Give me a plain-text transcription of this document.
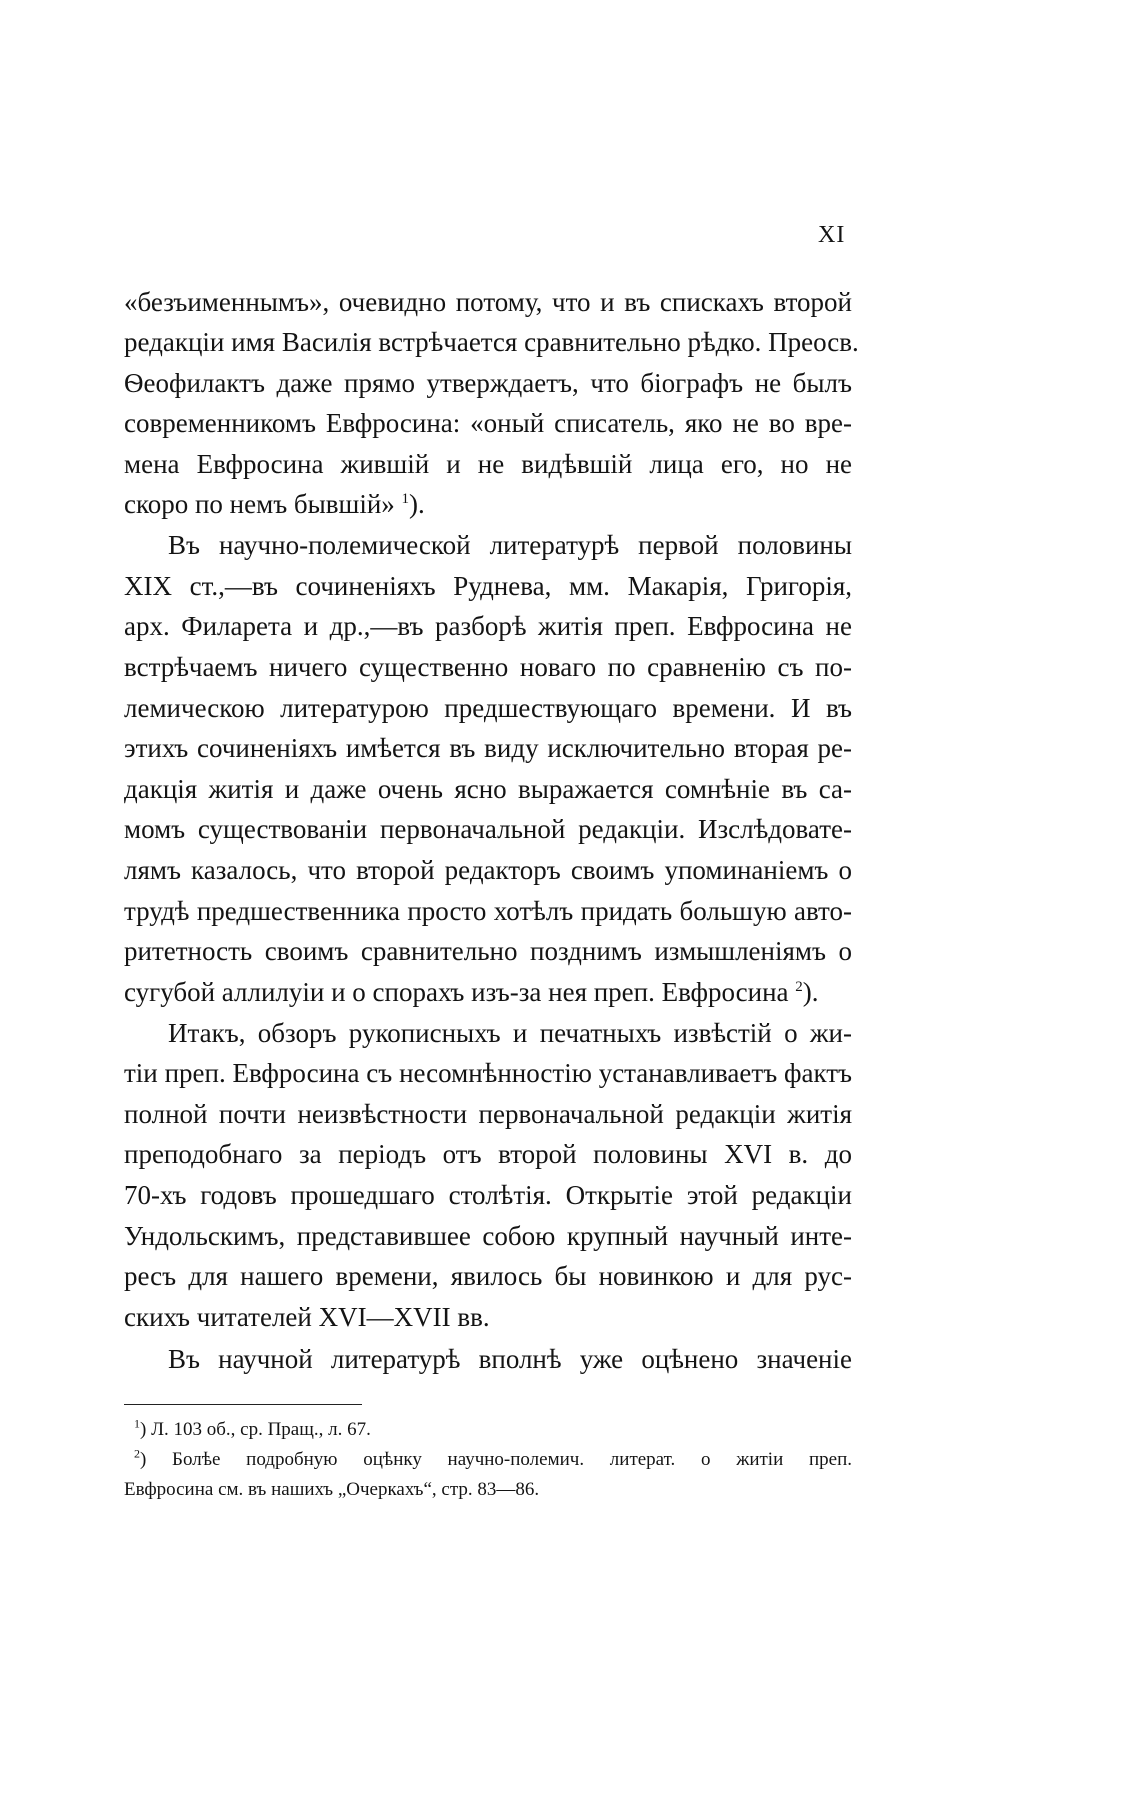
XI
«безъименнымъ», очевидно потому, что и въ спискахъ второй
редакціи имя Василія встрѣчается сравнительно рѣдко. Преосв.
Ѳеофилактъ даже прямо утверждаетъ, что біографъ не былъ
современникомъ Евфросина: «оный списатель, яко не во вре-
мена Евфросина жившій и не видѣвшій лица его, но не
скоро по немъ бывшій» $^1$).
Въ научно-полемической литературѣ первой половины
XIX ст.,—въ сочиненіяхъ Руднева, мм. Макарія, Григорія,
арх. Филарета и др.,—въ разборѣ житія преп. Евфросина не
встрѣчаемъ ничего существенно новаго по сравненію съ по-
лемическою литературою предшествующаго времени. И въ
этихъ сочиненіяхъ имѣется въ виду исключительно вторая ре-
дакція житія и даже очень ясно выражается сомнѣніе въ са-
момъ существованіи первоначальной редакціи. Изслѣдовате-
лямъ казалось, что второй редакторъ своимъ упоминаніемъ о
трудѣ предшественника просто хотѣлъ придать большую авто-
ритетность своимъ сравнительно позднимъ измышленіямъ о
сугубой аллилуіи и о спорахъ изъ-за нея преп. Евфросина $^2$).
Итакъ, обзоръ рукописныхъ и печатныхъ извѣстій о жи-
тіи преп. Евфросина съ несомнѣнностію устанавливаетъ фактъ
полной почти неизвѣстности первоначальной редакціи житія
преподобнаго за періодъ отъ второй половины XVI в. до
70-хъ годовъ прошедшаго столѣтія. Открытіе этой редакціи
Ундольскимъ, представившее собою крупный научный инте-
ресъ для нашего времени, явилось бы новинкою и для рус-
скихъ читателей XVI—XVII вв.
Въ научной литературѣ вполнѣ уже оцѣнено значеніе
$^1$) Л. 103 об., ср. Пращ., л. 67.
$^2$) Болѣе подробную оцѣнку научно-полемич. литерат. о житіи преп.
Евфросина см. въ нашихъ „Очеркахъ“, стр. 83—86.
